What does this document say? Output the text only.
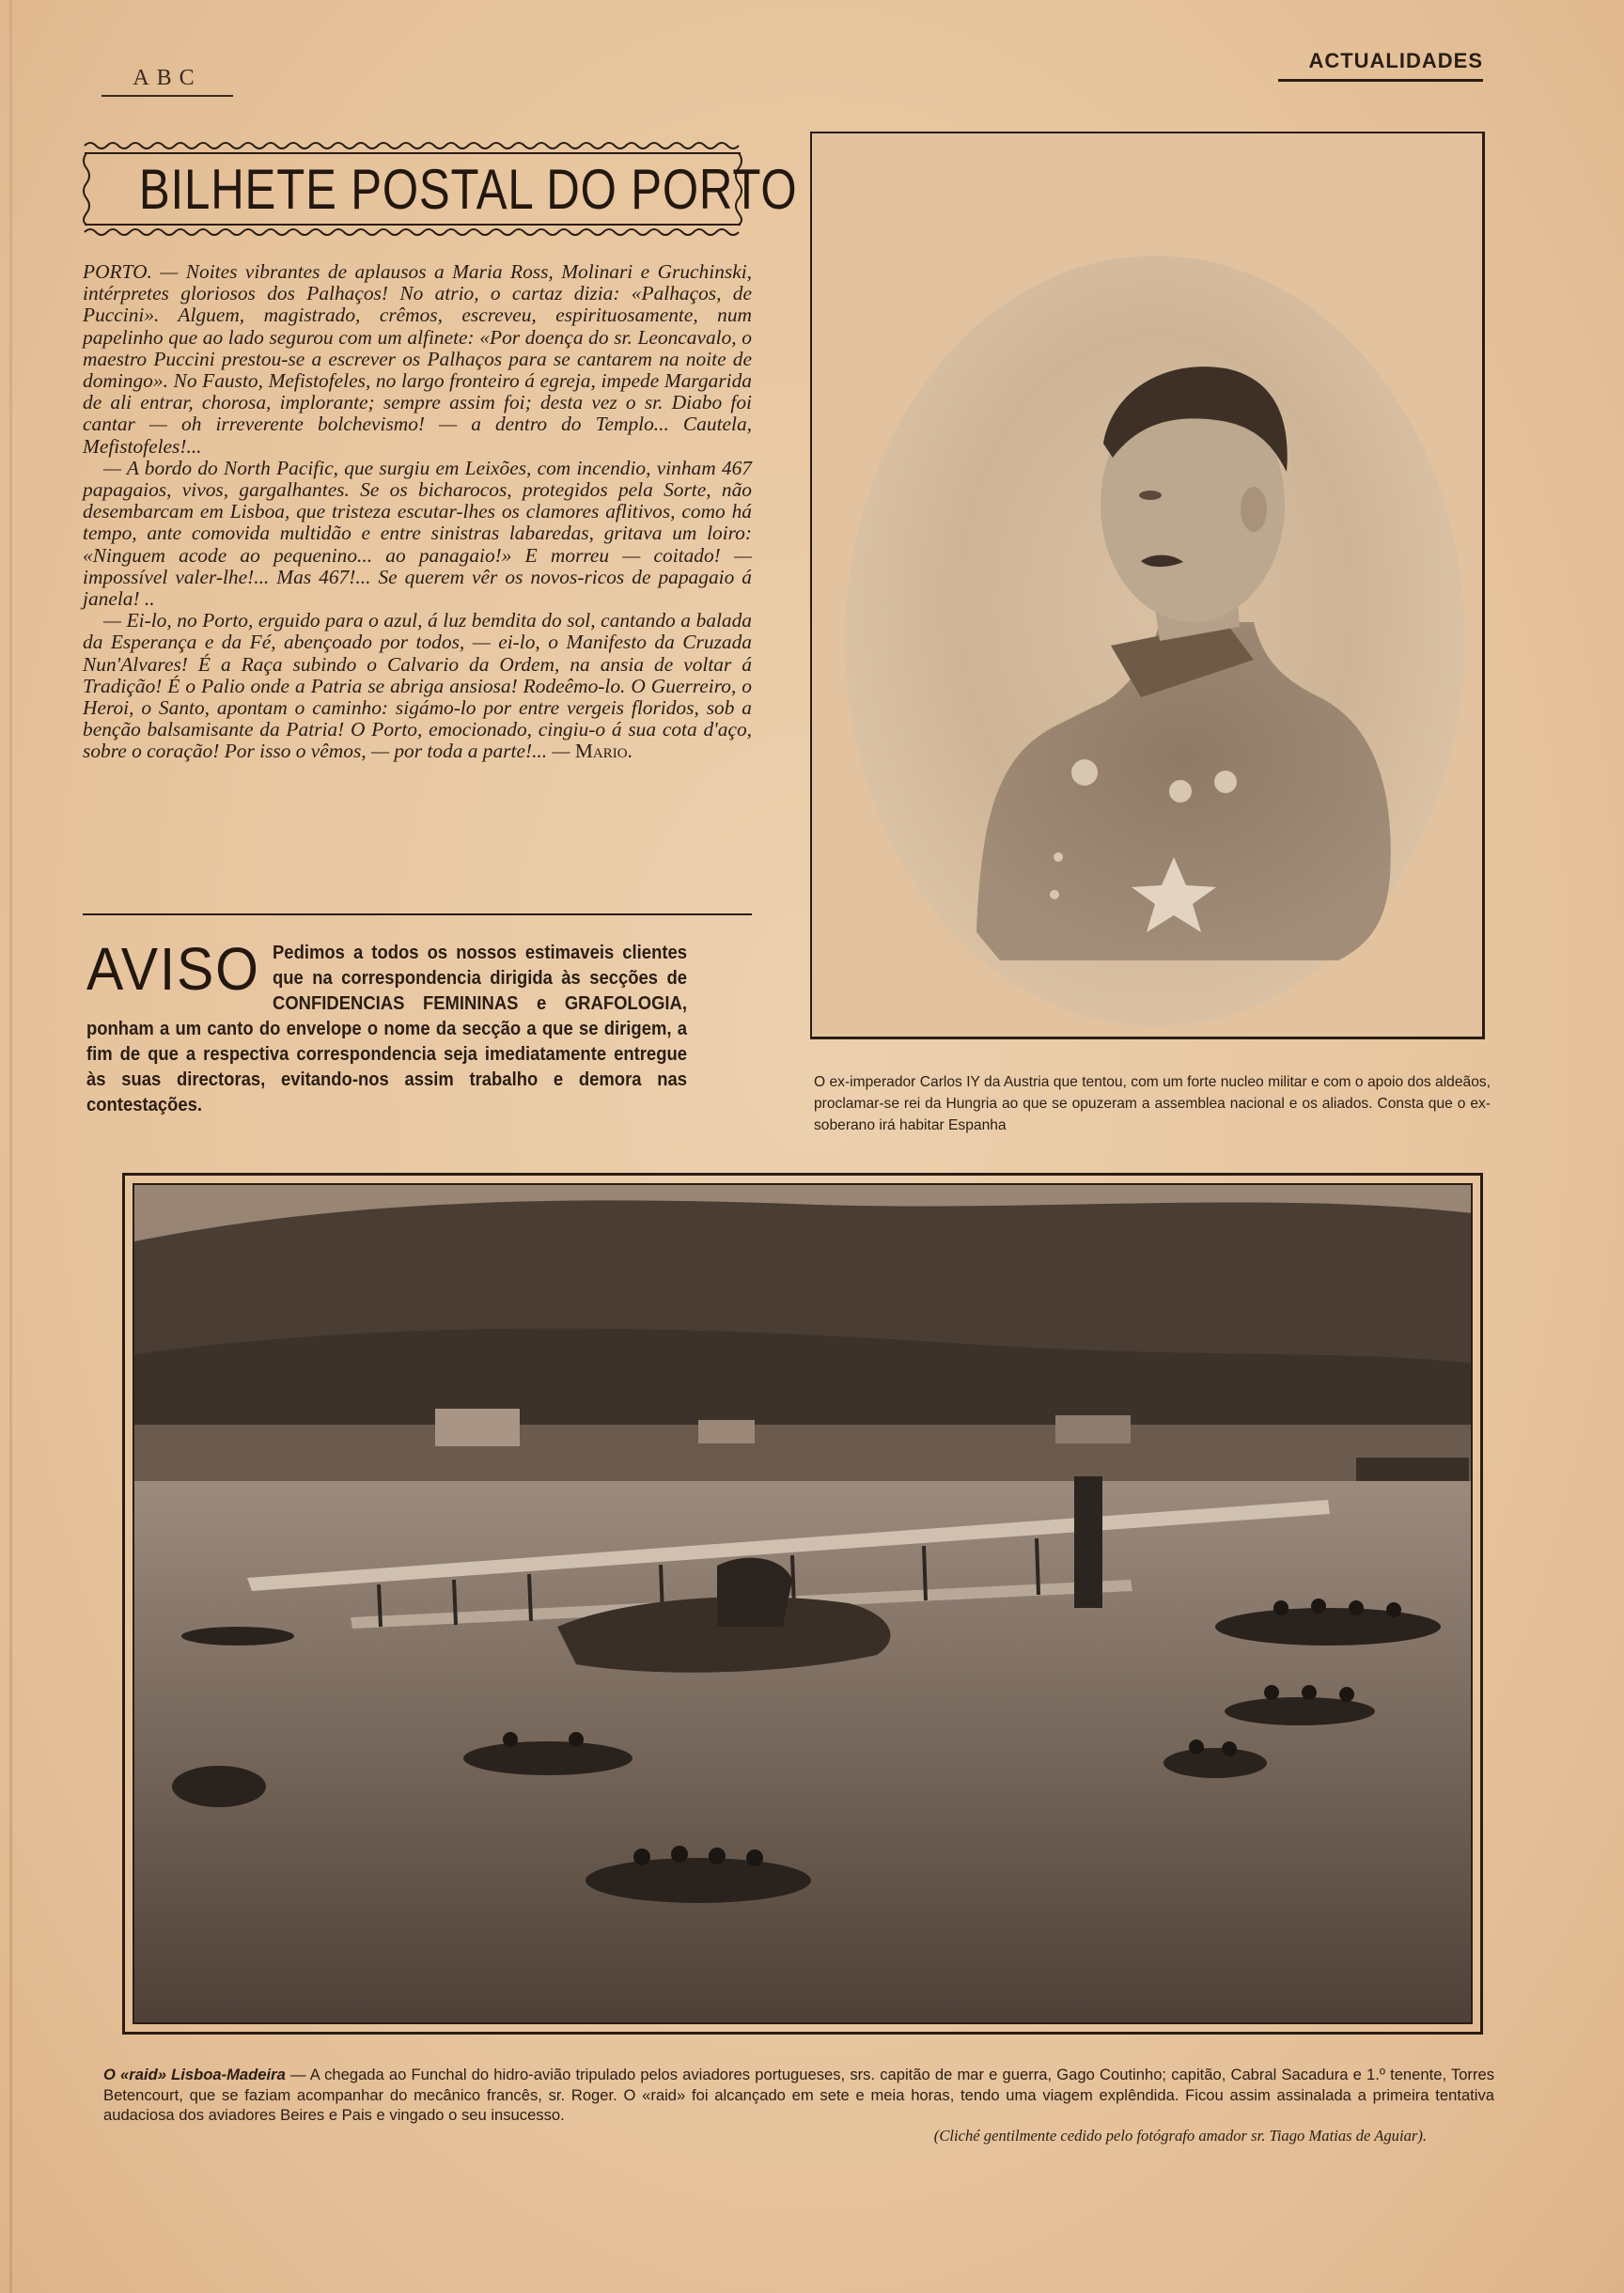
ABC
ACTUALIDADES
BILHETE POSTAL DO PORTO

PORTO. — Noites vibrantes de aplausos a Maria Ross, Molinari e Gruchinski, intérpretes gloriosos dos Palhaços! No atrio, o cartaz dizia: «Palhaços, de Puccini». Alguem, magistrado, crêmos, escreveu, espirituosamente, num papelinho que ao lado segurou com um alfinete: «Por doença do sr. Leoncavalo, o maestro Puccini prestou-se a escrever os Palhaços para se cantarem na noite de domingo». No Fausto, Mefistofeles, no largo fronteiro á egreja, impede Margarida de ali entrar, chorosa, implorante; sempre assim foi; desta vez o sr. Diabo foi cantar — oh irreverente bolchevismo! — a dentro do Templo... Cautela, Mefistofeles!...

— A bordo do North Pacific, que surgiu em Leixões, com incendio, vinham 467 papagaios, vivos, gargalhantes. Se os bicharocos, protegidos pela Sorte, não desembarcam em Lisboa, que tristeza escutar-lhes os clamores aflitivos, como há tempo, ante comovida multidão e entre sinistras labaredas, gritava um loiro: «Ninguem acode ao pequenino... ao panagaio!» E morreu — coitado! — impossível valer-lhe!... Mas 467!... Se querem vêr os novos-ricos de papagaio á janela! ..

— Ei-lo, no Porto, erguido para o azul, á luz bemdita do sol, cantando a balada da Esperança e da Fé, abençoado por todos, — ei-lo, o Manifesto da Cruzada Nun'Alvares! É a Raça subindo o Calvario da Ordem, na ansia de voltar á Tradição! É o Palio onde a Patria se abriga ansiosa! Rodeêmo-lo. O Guerreiro, o Heroi, o Santo, apontam o caminho: sigámo-lo por entre vergeis floridos, sob a benção balsamisante da Patria! O Porto, emocionado, cingiu-o á sua cota d'aço, sobre o coração! Por isso o vêmos, — por toda a parte!... — Mario.

AVISO Pedimos a todos os nossos estimaveis clientes que na correspondencia dirigida às secções de CONFIDENCIAS FEMININAS e GRAFOLOGIA, ponham a um canto do envelope o nome da secção a que se dirigem, a fim de que a respectiva correspondencia seja imediatamente entregue às suas directoras, evitando-nos assim trabalho e demora nas contestações.
O ex-imperador Carlos IY da Austria que tentou, com um forte nucleo militar e com o apoio dos aldeãos, proclamar-se rei da Hungria ao que se opuzeram a assemblea nacional e os aliados. Consta que o ex-soberano irá habitar Espanha
O «raid» Lisboa-Madeira — A chegada ao Funchal do hidro-avião tripulado pelos aviadores portugueses, srs. capitão de mar e guerra, Gago Coutinho; capitão, Cabral Sacadura e 1.º tenente, Torres Betencourt, que se faziam acompanhar do mecânico francês, sr. Roger. O «raid» foi alcançado em sete e meia horas, tendo uma viagem explêndida. Ficou assim assinalada a primeira tentativa audaciosa dos aviadores Beires e Pais e vingado o seu insucesso.
(Cliché gentilmente cedido pelo fotógrafo amador sr. Tiago Matias de Aguiar).
